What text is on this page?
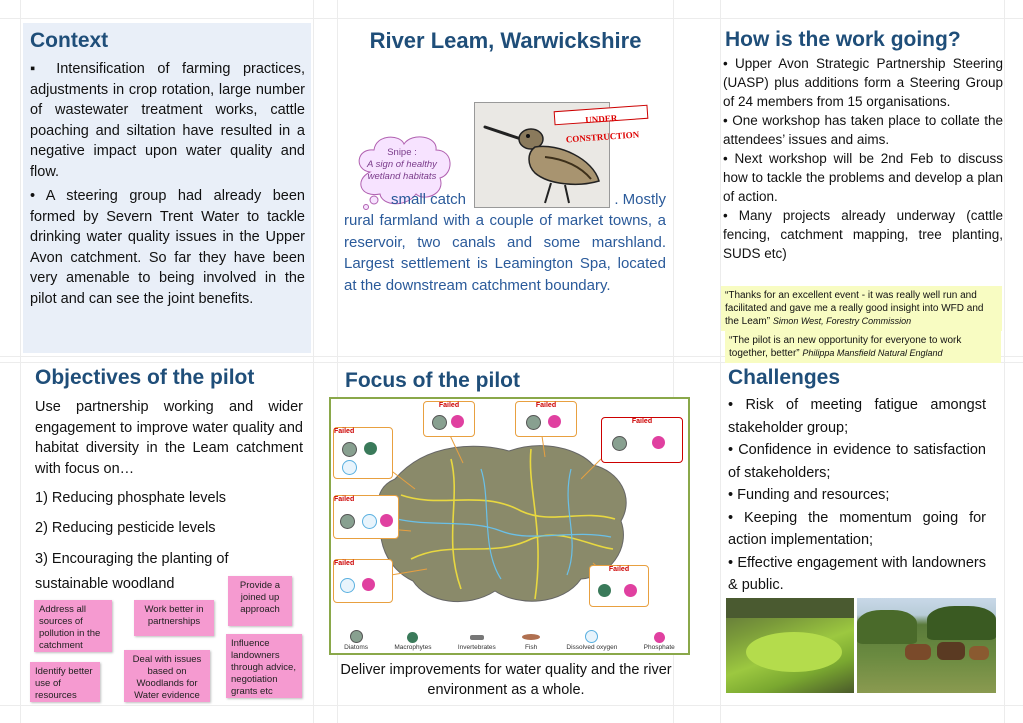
Context
▪ Intensification of farming practices, adjustments in crop rotation, large number of wastewater treatment works, cattle poaching and siltation have resulted in a negative impact upon water quality and flow.
• A steering group had already been formed by Severn Trent Water to tackle drinking water quality issues in the Upper Avon catchment. So far they have been very amenable to being involved in the pilot and can see the joint benefits.
River Leam, Warwickshire
Snipe :
A sign of healthy
wetland habitats
UNDER CONSTRUCTION
small catch	. Mostly
rural farmland with a couple of market towns, a reservoir, two canals and some marshland. Largest settlement is Leamington Spa, located at the downstream catchment boundary.
How is the work going?
• Upper Avon Strategic Partnership Steering (UASP) plus additions form a Steering Group of 24 members from 15 organisations.
• One workshop has taken place to collate the attendees’ issues and aims.
• Next workshop will be 2nd Feb to discuss how to tackle the problems and develop a plan of action.
• Many projects already underway (cattle fencing, catchment mapping, tree planting, SUDS etc)
“Thanks for an excellent event - it was really well run and facilitated and gave me a really good insight into WFD and the Leam” Simon West, Forestry Commission
“The pilot is an new opportunity for everyone to work together, better” Philippa Mansfield Natural England
Objectives of the pilot
Use partnership working and wider engagement to improve water quality and habitat diversity in the Leam catchment with focus on…
1) Reducing phosphate levels
2) Reducing pesticide levels
3) Encouraging the planting of sustainable woodland
Address all sources of pollution in the catchment
Work better in partnerships
Provide a joined up approach
Identify better use of resources
Deal with issues based on Woodlands for Water evidence
Influence landowners through advice, negotiation grants etc
Focus of the pilot
Failed	Failed
Failed
Failed
Failed
Failed
Failed
Diatoms	Macrophytes	Invertebrates	Fish	Dissolved oxygen	Phosphate
Deliver improvements for water quality and the river environment as a whole.
Challenges
• Risk of meeting fatigue amongst stakeholder group;
• Confidence in evidence to satisfaction of stakeholders;
• Funding and resources;
• Keeping the momentum going for action implementation;
• Effective engagement with landowners & public.
